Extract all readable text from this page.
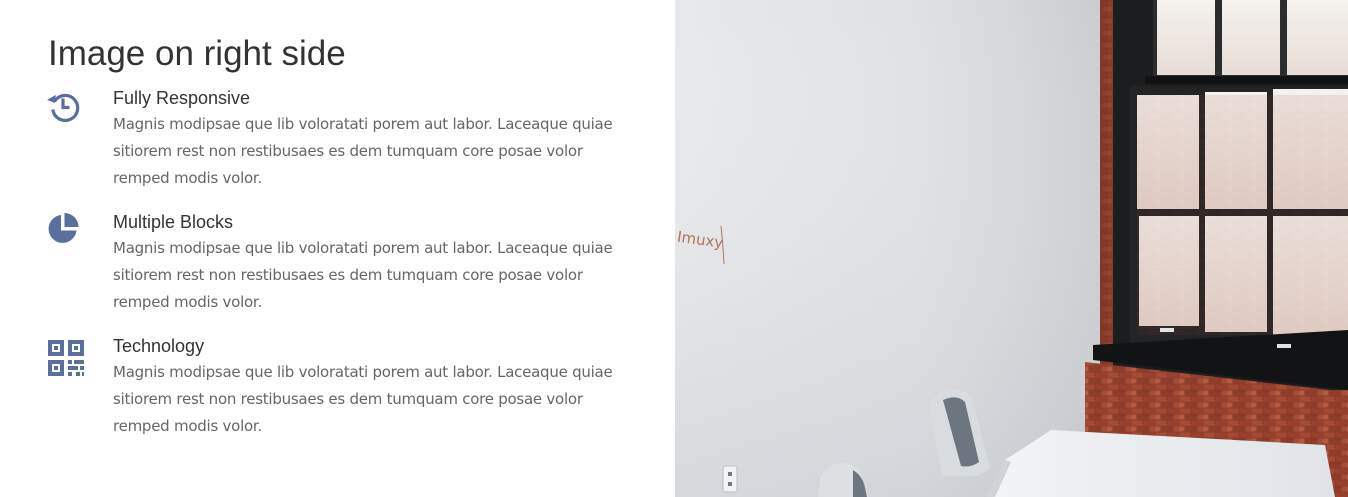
Image on right side
Fully Responsive

Magnis modipsae que lib voloratati porem aut labor. Laceaque quiae sitiorem rest non restibusaes es dem tumquam core posae volor remped modis volor.

Multiple Blocks

Magnis modipsae que lib voloratati porem aut labor. Laceaque quiae sitiorem rest non restibusaes es dem tumquam core posae volor remped modis volor.

Technology

Magnis modipsae que lib voloratati porem aut labor. Laceaque quiae sitiorem rest non restibusaes es dem tumquam core posae volor remped modis volor.

Imuxy
